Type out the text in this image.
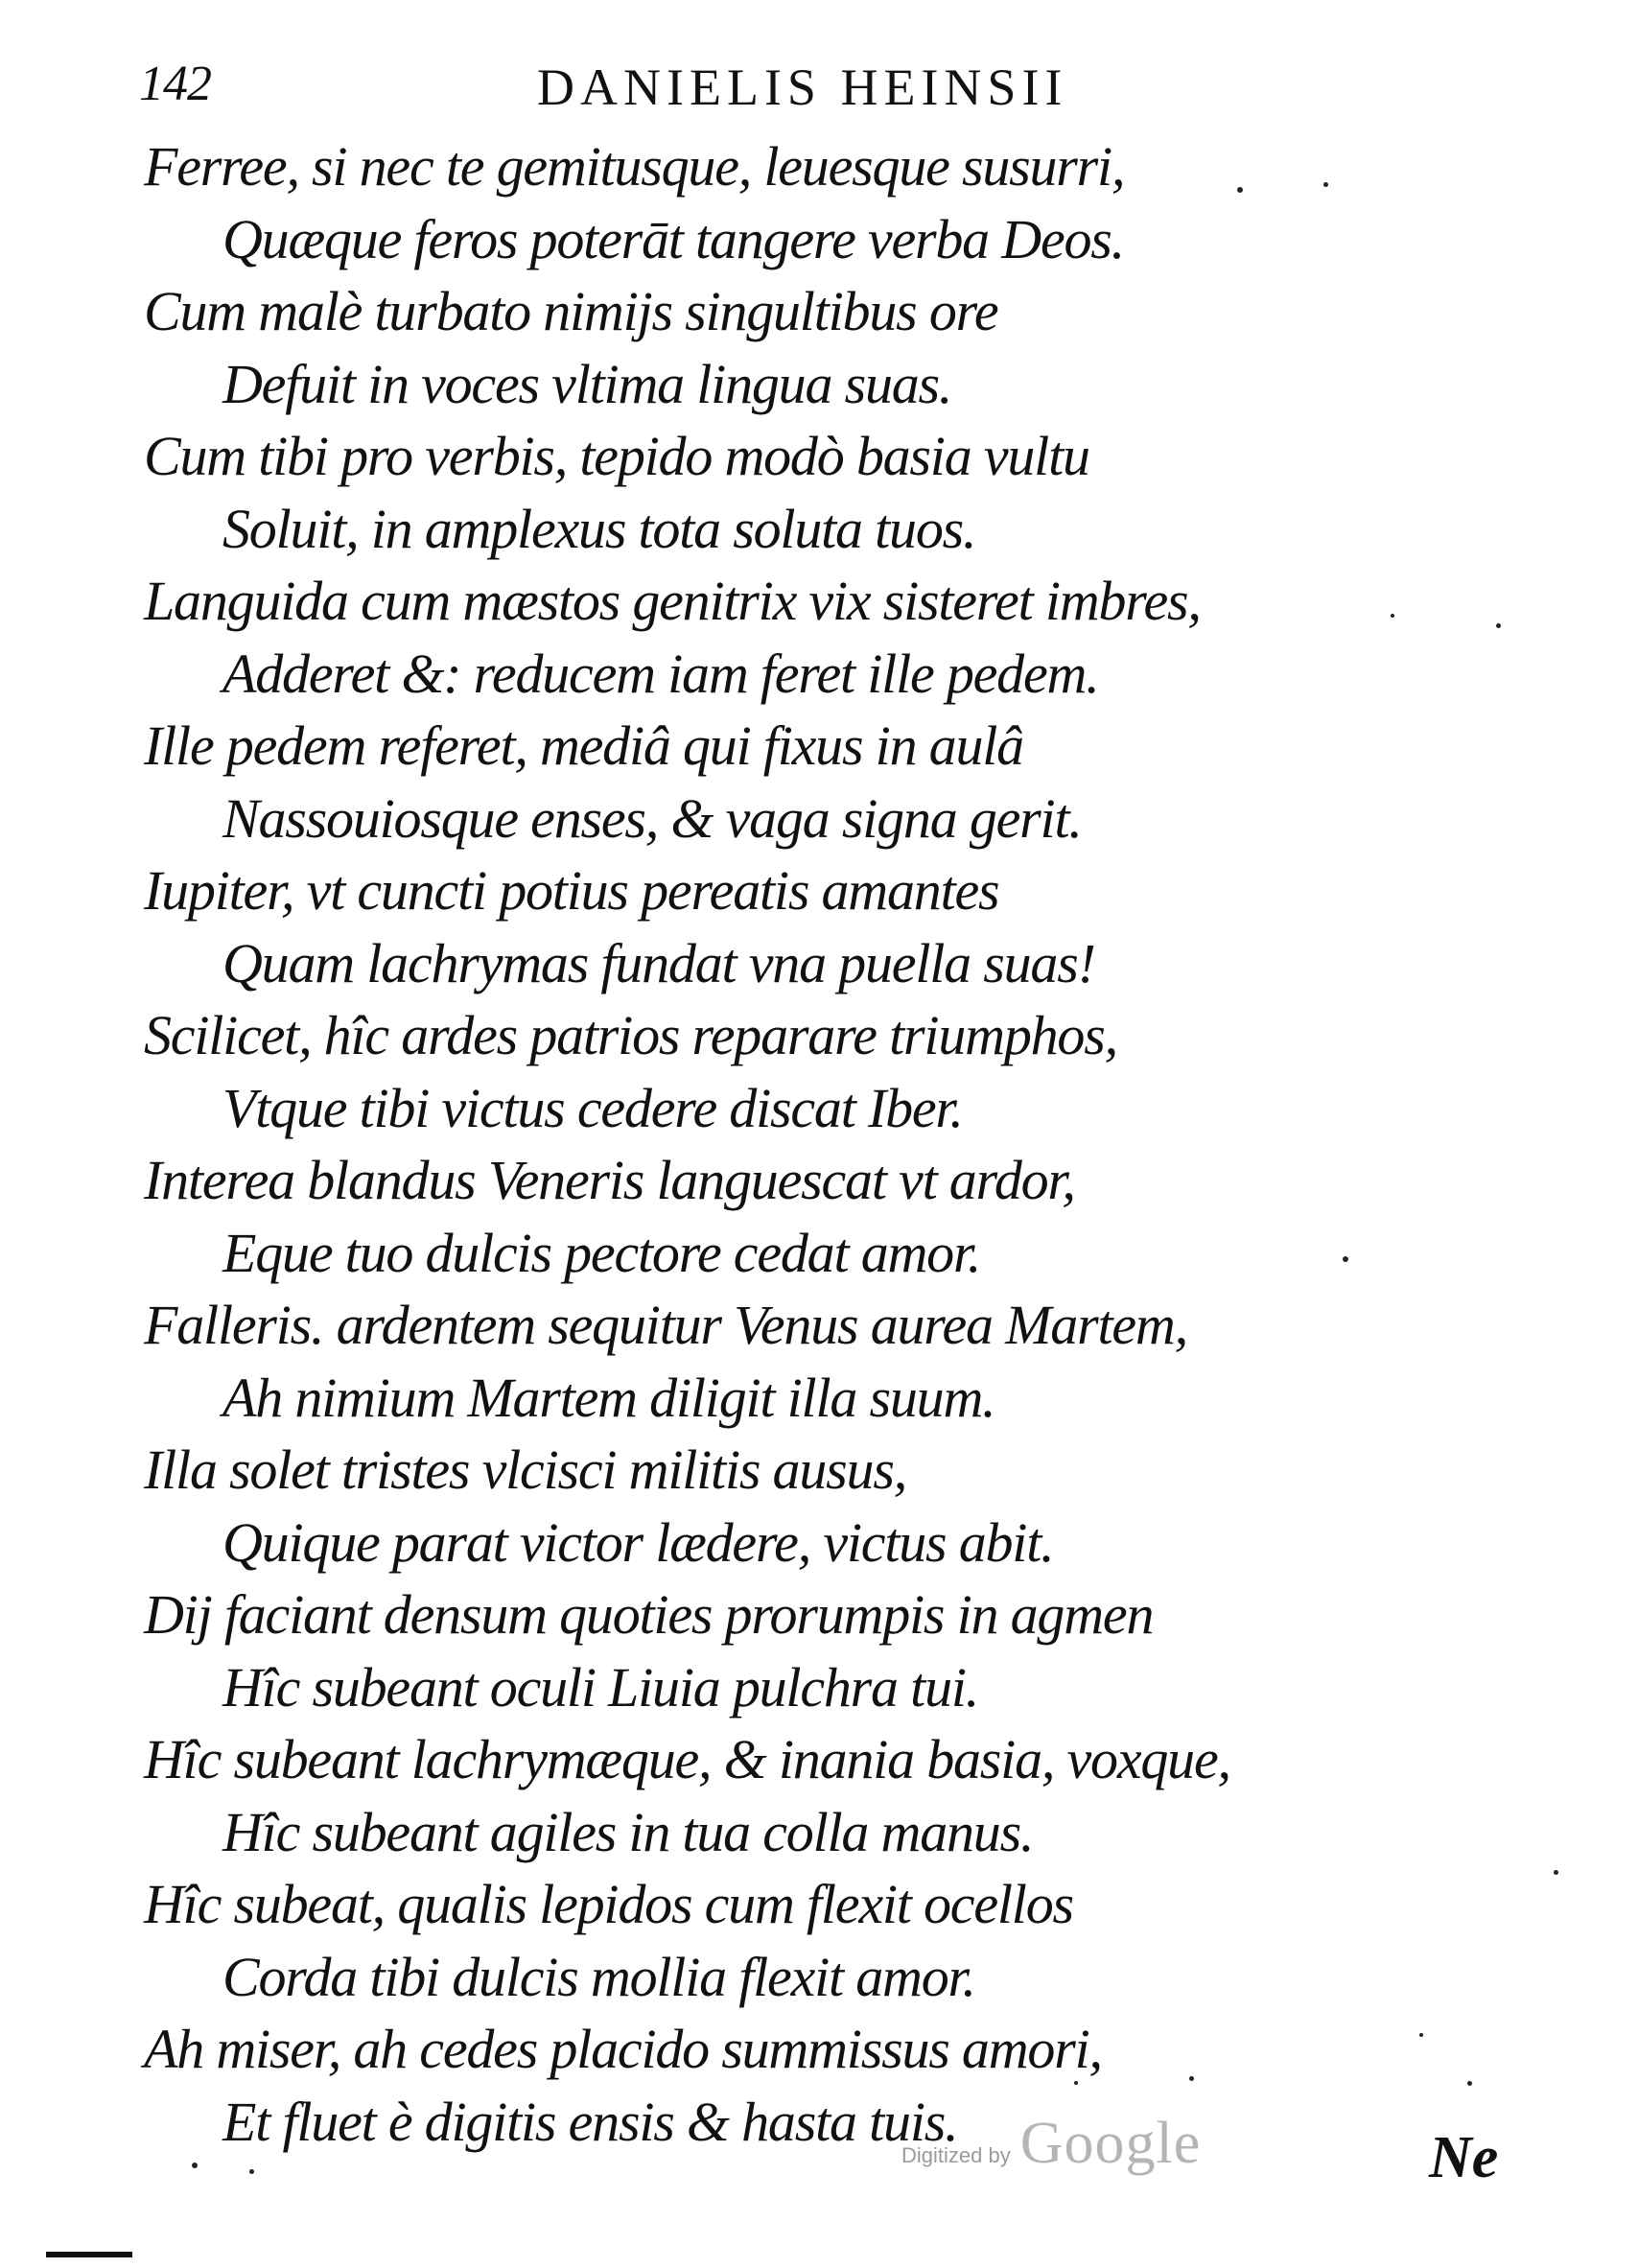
142	DANIELIS HEINSII
Ferree, si nec te gemitusque, leuesque susurri,
Quæque feros poterāt tangere verba Deos.
Cum malè turbato nimijs singultibus ore
Defuit in voces vltima lingua suas.
Cum tibi pro verbis, tepido modò basia vultu
Soluit, in amplexus tota soluta tuos.
Languida cum mæstos genitrix vix sisteret imbres,
Adderet &: reducem iam feret ille pedem.
Ille pedem referet, mediâ qui fixus in aulâ
Nassouiosque enses, & vaga signa gerit.
Iupiter, vt cuncti potius pereatis amantes
Quam lachrymas fundat vna puella suas!
Scilicet, hîc ardes patrios reparare triumphos,
Vtque tibi victus cedere discat Iber.
Interea blandus Veneris languescat vt ardor,
Eque tuo dulcis pectore cedat amor.
Falleris. ardentem sequitur Venus aurea Martem,
Ah nimium Martem diligit illa suum.
Illa solet tristes vlcisci militis ausus,
Quique parat victor lædere, victus abit.
Dij faciant densum quoties prorumpis in agmen
Hîc subeant oculi Liuia pulchra tui.
Hîc subeant lachrymæque, & inania basia, voxque,
Hîc subeant agiles in tua colla manus.
Hîc subeat, qualis lepidos cum flexit ocellos
Corda tibi dulcis mollia flexit amor.
Ah miser, ah cedes placido summissus amori,
Et fluet è digitis ensis & hasta tuis.
Digitized by Google	Ne
